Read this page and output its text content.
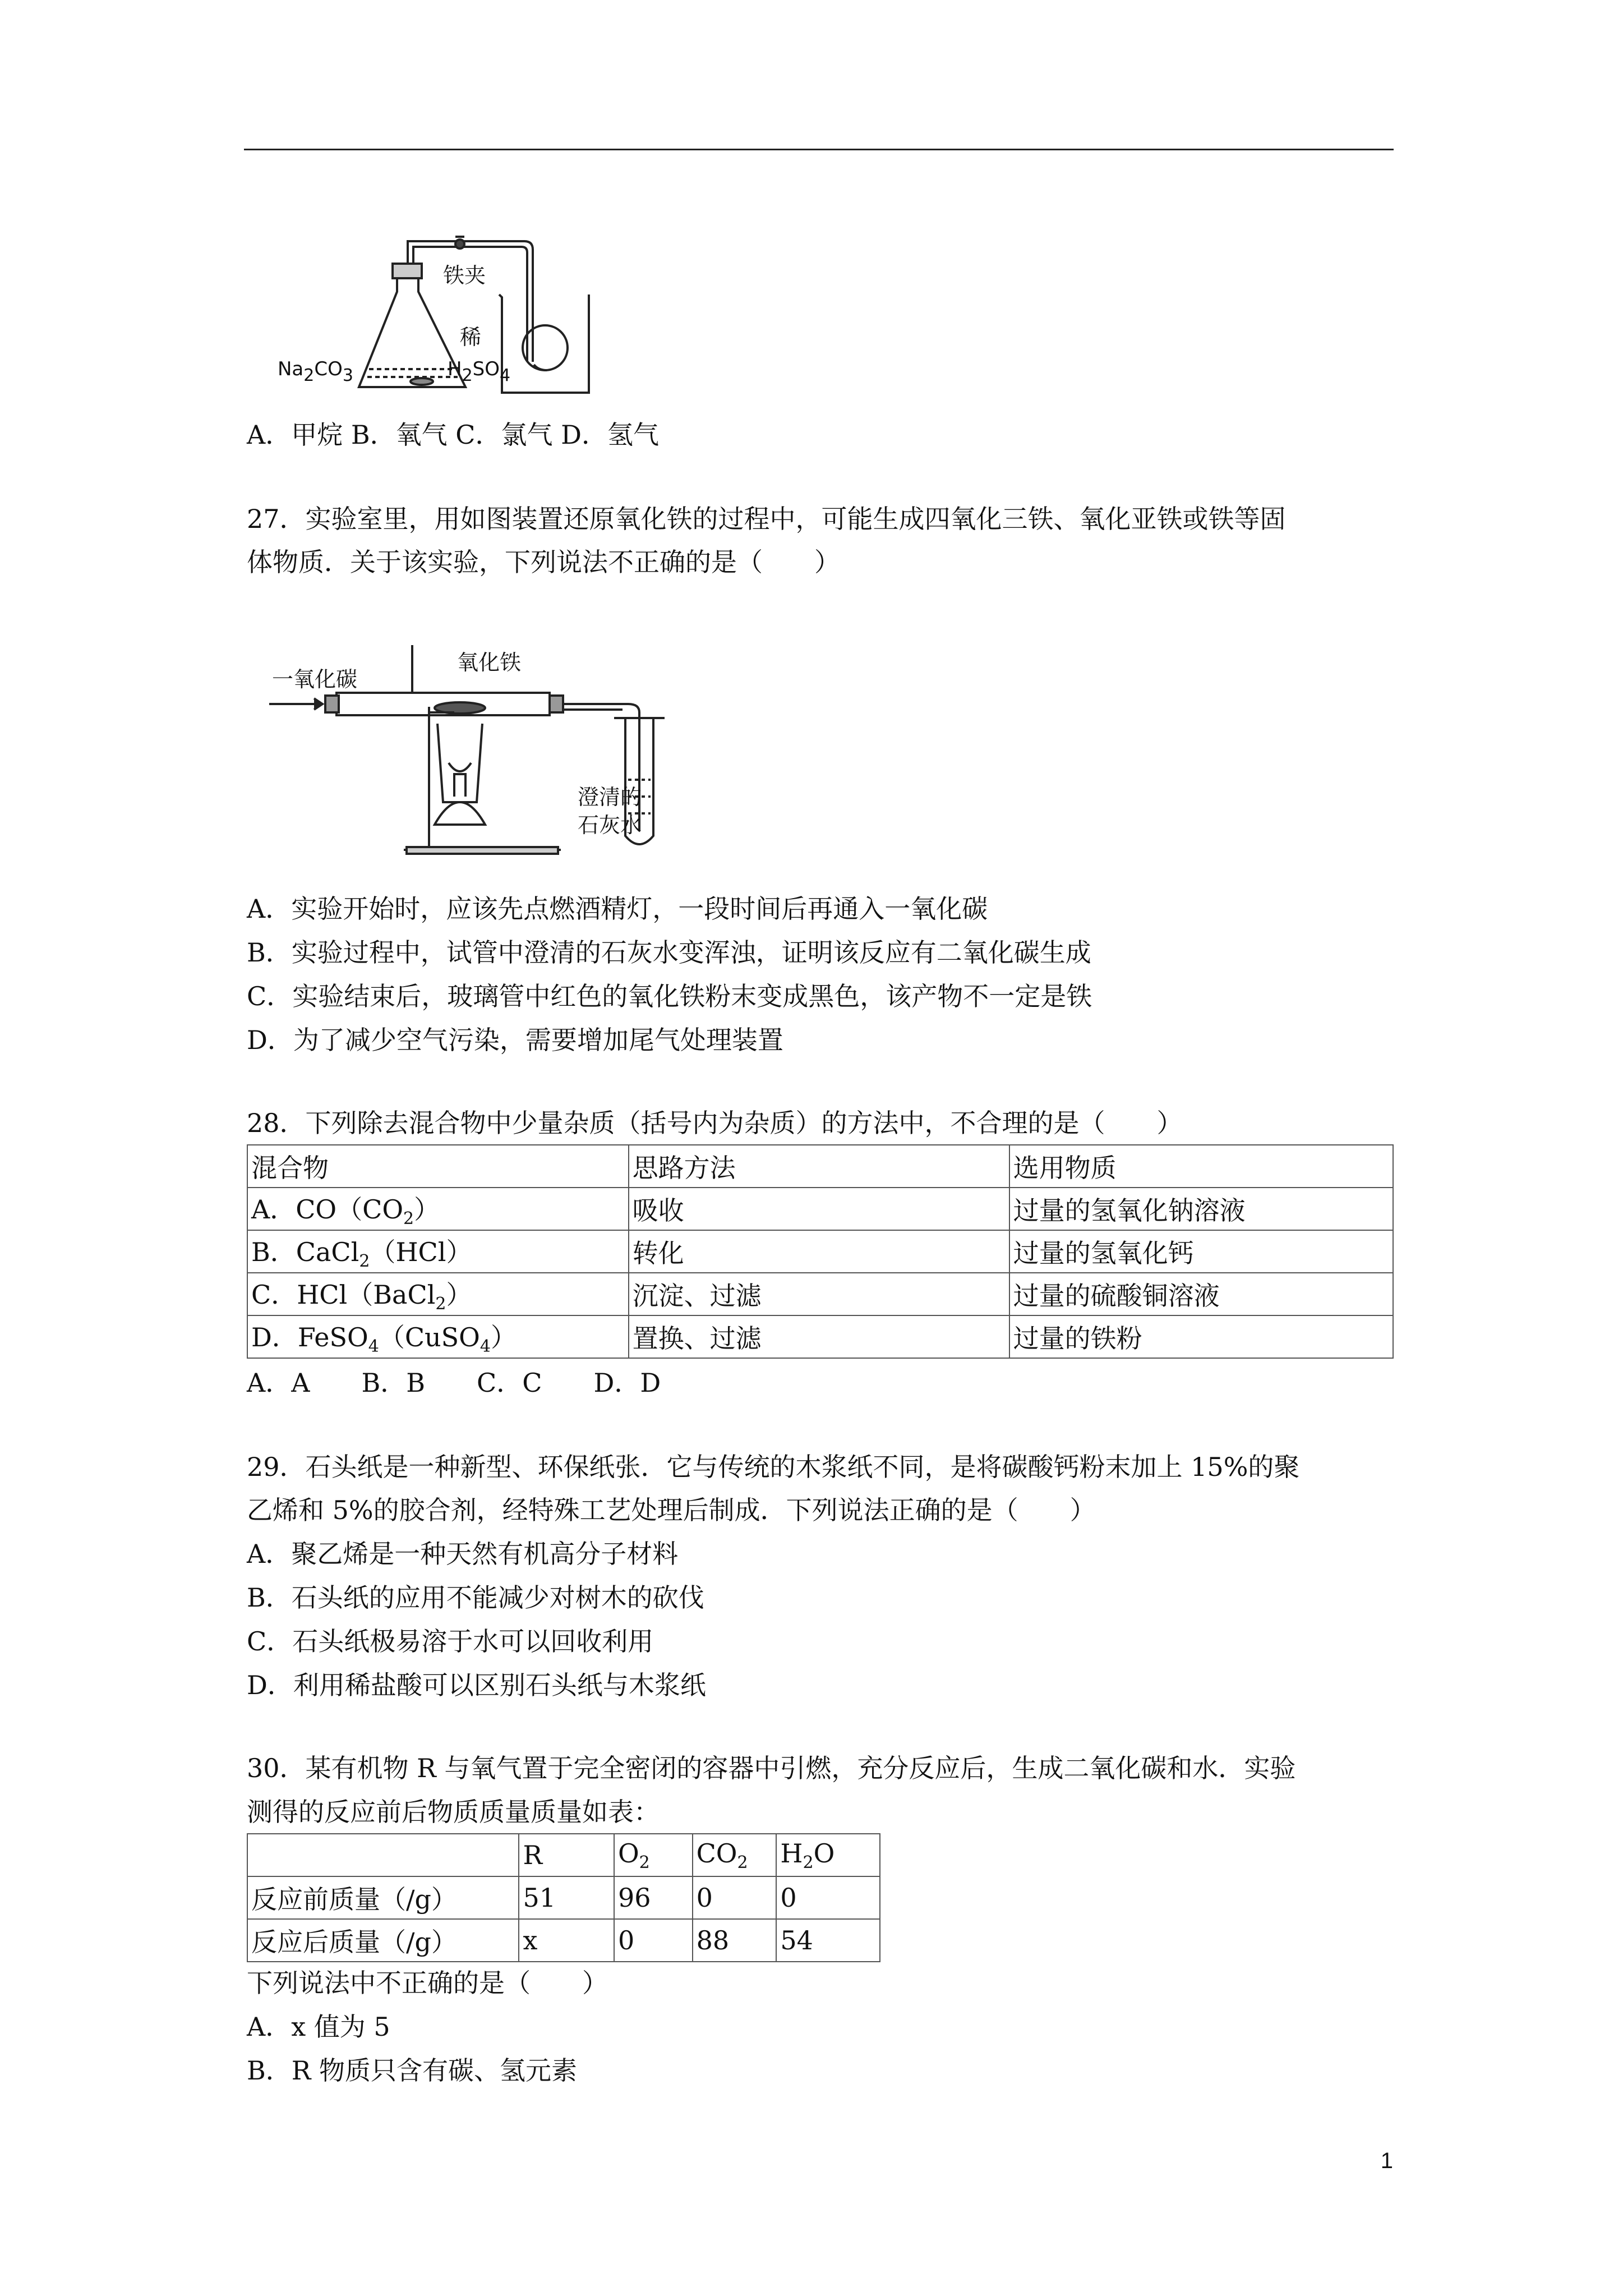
铁夹
稀
Na2CO3	H2SO4
A．甲烷 B．氧气 C．氯气 D．氢气
27．实验室里，用如图装置还原氧化铁的过程中，可能生成四氧化三铁、氧化亚铁或铁等固
体物质．关于该实验，下列说法不正确的是（　　）
一氧化碳
氧化铁
澄清的
石灰水
A．实验开始时，应该先点燃酒精灯，一段时间后再通入一氧化碳
B．实验过程中，试管中澄清的石灰水变浑浊，证明该反应有二氧化碳生成
C．实验结束后，玻璃管中红色的氧化铁粉末变成黑色，该产物不一定是铁
D．为了减少空气污染，需要增加尾气处理装置
28．下列除去混合物中少量杂质（括号内为杂质）的方法中，不合理的是（　　）
混合物	思路方法	选用物质
A．$CO(CO_2)$	吸收	过量的氢氧化钠溶液
B．CaCl$_2$（HCl）	转化	过量的氢氧化钙
C．HCl（BaCl$_2$）	沉淀、过滤	过量的硫酸铜溶液
D．FeSO$_4$（CuSO$_4$）	置换、过滤	过量的铁粉
A．A　　B．B　　C．C　　D．D
29．石头纸是一种新型、环保纸张．它与传统的木浆纸不同，是将碳酸钙粉末加上 15%的聚
乙烯和 5%的胶合剂，经特殊工艺处理后制成．下列说法正确的是（　　）
A．聚乙烯是一种天然有机高分子材料
B．石头纸的应用不能减少对树木的砍伐
C．石头纸极易溶于水可以回收利用
D．利用稀盐酸可以区别石头纸与木浆纸
30．某有机物 R 与氧气置于完全密闭的容器中引燃，充分反应后，生成二氧化碳和水．实验
测得的反应前后物质质量质量如表：
	R	$O_2$	$CO_2$	$H_2O$
反应前质量（/g）	51	96	0	0
反应后质量（/g）	x	0	88	54
下列说法中不正确的是（　　）
A．x 值为 5
B．R 物质只含有碳、氢元素
1
